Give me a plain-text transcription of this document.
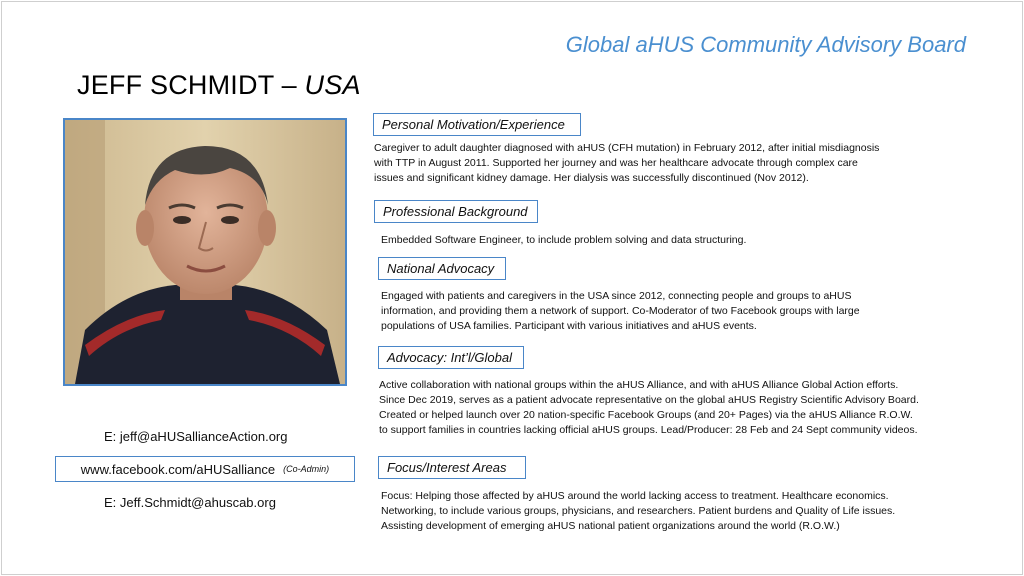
Global aHUS Community Advisory Board
JEFF SCHMIDT – USA
E: jeff@aHUSallianceAction.org
www.facebook.com/aHUSalliance (Co-Admin)
E: Jeff.Schmidt@ahuscab.org
Personal Motivation/Experience
Caregiver to adult daughter diagnosed with aHUS (CFH mutation) in February 2012, after initial misdiagnosis
with TTP in August 2011. Supported her journey and was her healthcare advocate through complex care
issues and significant kidney damage. Her dialysis was successfully discontinued (Nov 2012).
Professional Background
Embedded Software Engineer, to include problem solving and data structuring.
National Advocacy
Engaged with patients and caregivers in the USA since 2012, connecting people and groups to aHUS
information, and providing them a network of support. Co-Moderator of two Facebook groups with large
populations of USA families. Participant with various initiatives and aHUS events.
Advocacy: Int’l/Global
Active collaboration with national groups within the aHUS Alliance, and with aHUS Alliance Global Action efforts.
Since Dec 2019, serves as a patient advocate representative on the global aHUS Registry Scientific Advisory Board.
Created or helped launch over 20 nation-specific Facebook Groups (and 20+ Pages) via the aHUS Alliance R.O.W.
to support families in countries lacking official aHUS groups. Lead/Producer: 28 Feb and 24 Sept community videos.
Focus/Interest Areas
Focus: Helping those affected by aHUS around the world lacking access to treatment. Healthcare economics.
Networking, to include various groups, physicians, and researchers. Patient burdens and Quality of Life issues.
Assisting development of emerging aHUS national patient organizations around the world (R.O.W.)
